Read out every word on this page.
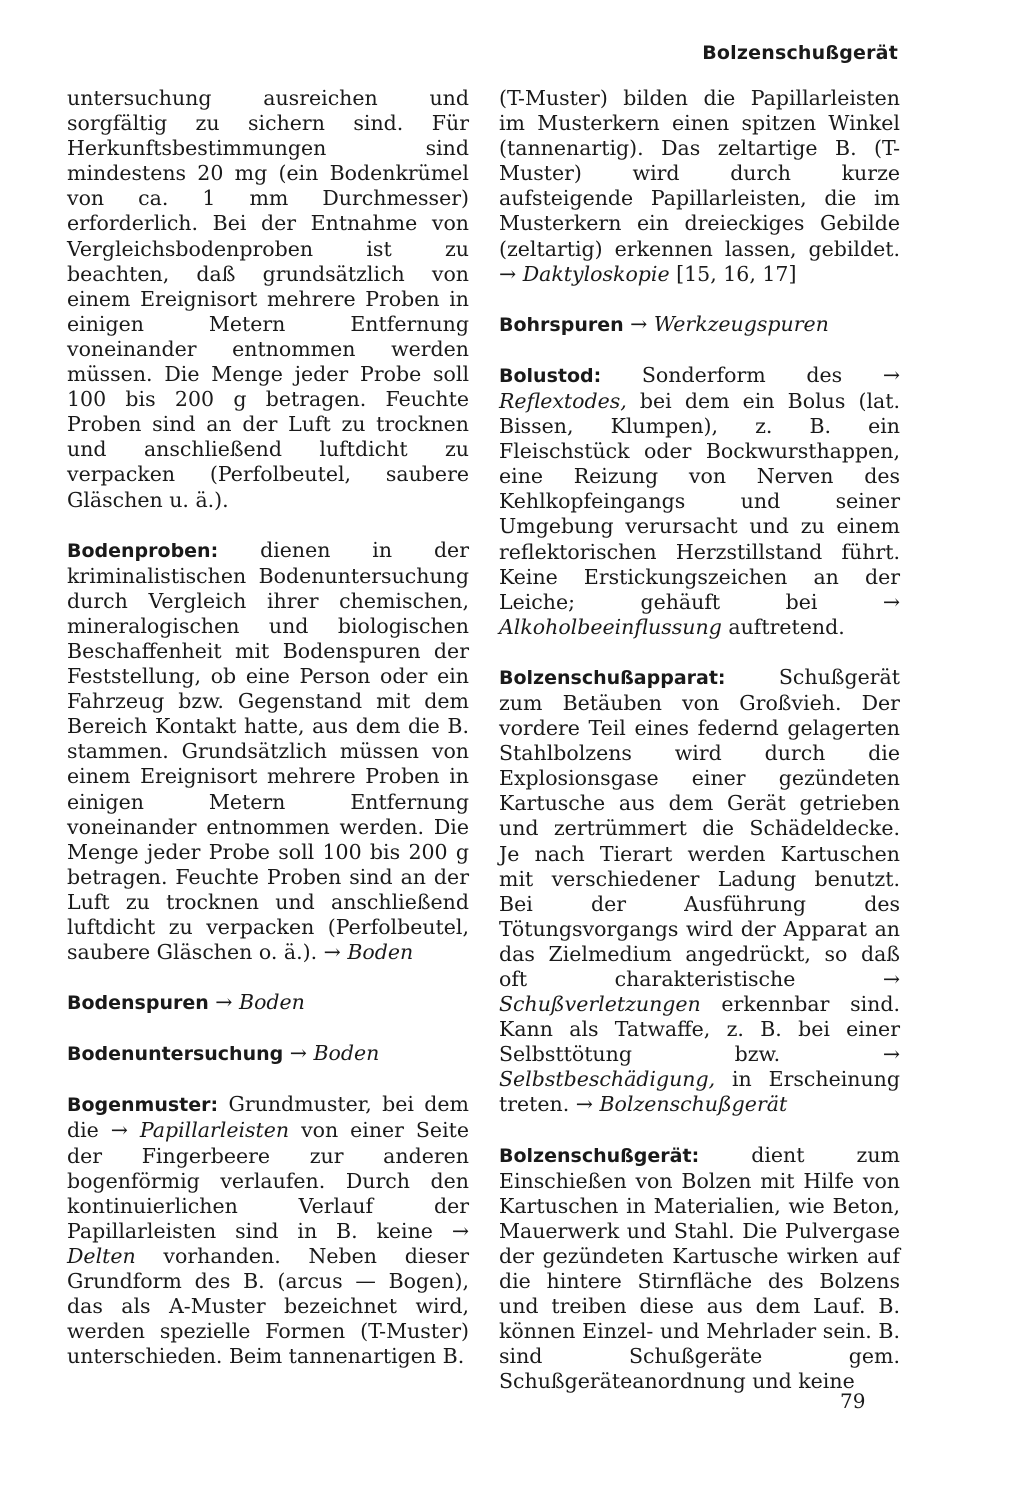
Bolzenschußgerät

untersuchung ausreichen und sorgfältig zu sichern sind. Für Herkunftsbestimmungen sind mindestens 20 mg (ein Bodenkrümel von ca. 1 mm Durchmesser) erforderlich. Bei der Entnahme von Vergleichsbodenproben ist zu beachten, daß grundsätzlich von einem Ereignisort mehrere Proben in einigen Metern Entfernung voneinander entnommen werden müssen. Die Menge jeder Probe soll 100 bis 200 g betragen. Feuchte Proben sind an der Luft zu trocknen und anschließend luftdicht zu verpacken (Perfolbeutel, saubere Gläschen u. ä.).

Bodenproben: dienen in der kriminalistischen Bodenuntersuchung durch Vergleich ihrer chemischen, mineralogischen und biologischen Beschaffenheit mit Bodenspuren der Feststellung, ob eine Person oder ein Fahrzeug bzw. Gegenstand mit dem Bereich Kontakt hatte, aus dem die B. stammen. Grundsätzlich müssen von einem Ereignisort mehrere Proben in einigen Metern Entfernung voneinander entnommen werden. Die Menge jeder Probe soll 100 bis 200 g betragen. Feuchte Proben sind an der Luft zu trocknen und anschließend luftdicht zu verpacken (Perfolbeutel, saubere Gläschen o. ä.). → Boden

Bodenspuren → Boden

Bodenuntersuchung → Boden

Bogenmuster: Grundmuster, bei dem die → Papillarleisten von einer Seite der Fingerbeere zur anderen bogenförmig verlaufen. Durch den kontinuierlichen Verlauf der Papillarleisten sind in B. keine → Delten vorhanden. Neben dieser Grundform des B. (arcus — Bogen), das als A-Muster bezeichnet wird, werden spezielle Formen (T-Muster) unterschieden. Beim tannenartigen B.

(T-Muster) bilden die Papillarleisten im Musterkern einen spitzen Winkel (tannenartig). Das zeltartige B. (T-Muster) wird durch kurze aufsteigende Papillarleisten, die im Musterkern ein dreieckiges Gebilde (zeltartig) erkennen lassen, gebildet. → Daktyloskopie [15, 16, 17]

Bohrspuren → Werkzeugspuren

Bolustod: Sonderform des → Reflextodes, bei dem ein Bolus (lat. Bissen, Klumpen), z. B. ein Fleischstück oder Bockwursthappen, eine Reizung von Nerven des Kehlkopfeingangs und seiner Umgebung verursacht und zu einem reflektorischen Herzstillstand führt. Keine Erstickungszeichen an der Leiche; gehäuft bei → Alkoholbeeinflussung auftretend.

Bolzenschußapparat: Schußgerät zum Betäuben von Großvieh. Der vordere Teil eines federnd gelagerten Stahlbolzens wird durch die Explosionsgase einer gezündeten Kartusche aus dem Gerät getrieben und zertrümmert die Schädeldecke. Je nach Tierart werden Kartuschen mit verschiedener Ladung benutzt. Bei der Ausführung des Tötungsvorgangs wird der Apparat an das Zielmedium angedrückt, so daß oft charakteristische → Schußverletzungen erkennbar sind. Kann als Tatwaffe, z. B. bei einer Selbsttötung bzw. → Selbstbeschädigung, in Erscheinung treten. → Bolzenschußgerät

Bolzenschußgerät: dient zum Einschießen von Bolzen mit Hilfe von Kartuschen in Materialien, wie Beton, Mauerwerk und Stahl. Die Pulvergase der gezündeten Kartusche wirken auf die hintere Stirnfläche des Bolzens und treiben diese aus dem Lauf. B. können Einzel- und Mehrlader sein. B. sind Schußgeräte gem. Schußgeräteanordnung und keine

79
